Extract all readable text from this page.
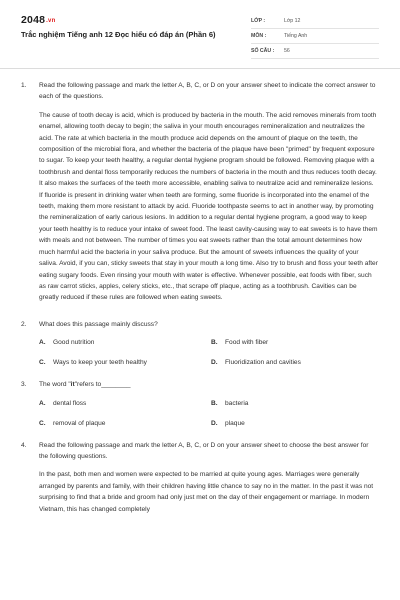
2048.vn
Trắc nghiệm Tiếng anh 12 Đọc hiểu có đáp án (Phần 6)
LỚP :	Lớp 12
MÔN :	Tiếng Anh
SỐ CÂU :	56
1. Read the following passage and mark the letter A, B, C, or D on your answer sheet to indicate the correct answer to each of the questions.
The cause of tooth decay is acid, which is produced by bacteria in the mouth. The acid removes minerals from tooth enamel, allowing tooth decay to begin; the saliva in your mouth encourages remineralization and neutralizes the acid. The rate at which bacteria in the mouth produce acid depends on the amount of plaque on the teeth, the composition of the microbial flora, and whether the bacteria of the plaque have been "primed" by frequent exposure to sugar. To keep your teeth healthy, a regular dental hygiene program should be followed. Removing plaque with a toothbrush and dental floss temporarily reduces the numbers of bacteria in the mouth and thus reduces tooth decay. It also makes the surfaces of the teeth more accessible, enabling saliva to neutralize acid and remineralize lesions. If fluoride is present in drinking water when teeth are forming, some fluoride is incorporated into the enamel of the teeth, making them more resistant to attack by acid. Fluoride toothpaste seems to act in another way, by promoting the remineralization of early carious lesions. In addition to a regular dental hygiene program, a good way to keep your teeth healthy is to reduce your intake of sweet food. The least cavity-causing way to eat sweets is to have them with meals and not between. The number of times you eat sweets rather than the total amount determines how much harmful acid the bacteria in your saliva produce. But the amount of sweets influences the quality of your saliva. Avoid, if you can, sticky sweets that stay in your mouth a long time. Also try to brush and floss your teeth after eating sugary foods. Even rinsing your mouth with water is effective. Whenever possible, eat foods with fiber, such as raw carrot sticks, apples, celery sticks, etc., that scrape off plaque, acting as a toothbrush. Cavities can be greatly reduced if these rules are followed when eating sweets.
2. What does this passage mainly discuss?
A.	Good nutrition	B.	Food with fiber
C.	Ways to keep your teeth healthy	D.	Fluoridization and cavities
3. The word "it"refers to________
A.	dental floss	B.	bacteria
C.	removal of plaque	D.	plaque
4. Read the following passage and mark the letter A, B, C, or D on your answer sheet to choose the best answer for the following questions.
In the past, both men and women were expected to be married at quite young ages. Marriages were generally arranged by parents and family, with their children having little chance to say no in the matter. In the past it was not surprising to find that a bride and groom had only just met on the day of their engagement or marriage. In modern Vietnam, this has changed completely
